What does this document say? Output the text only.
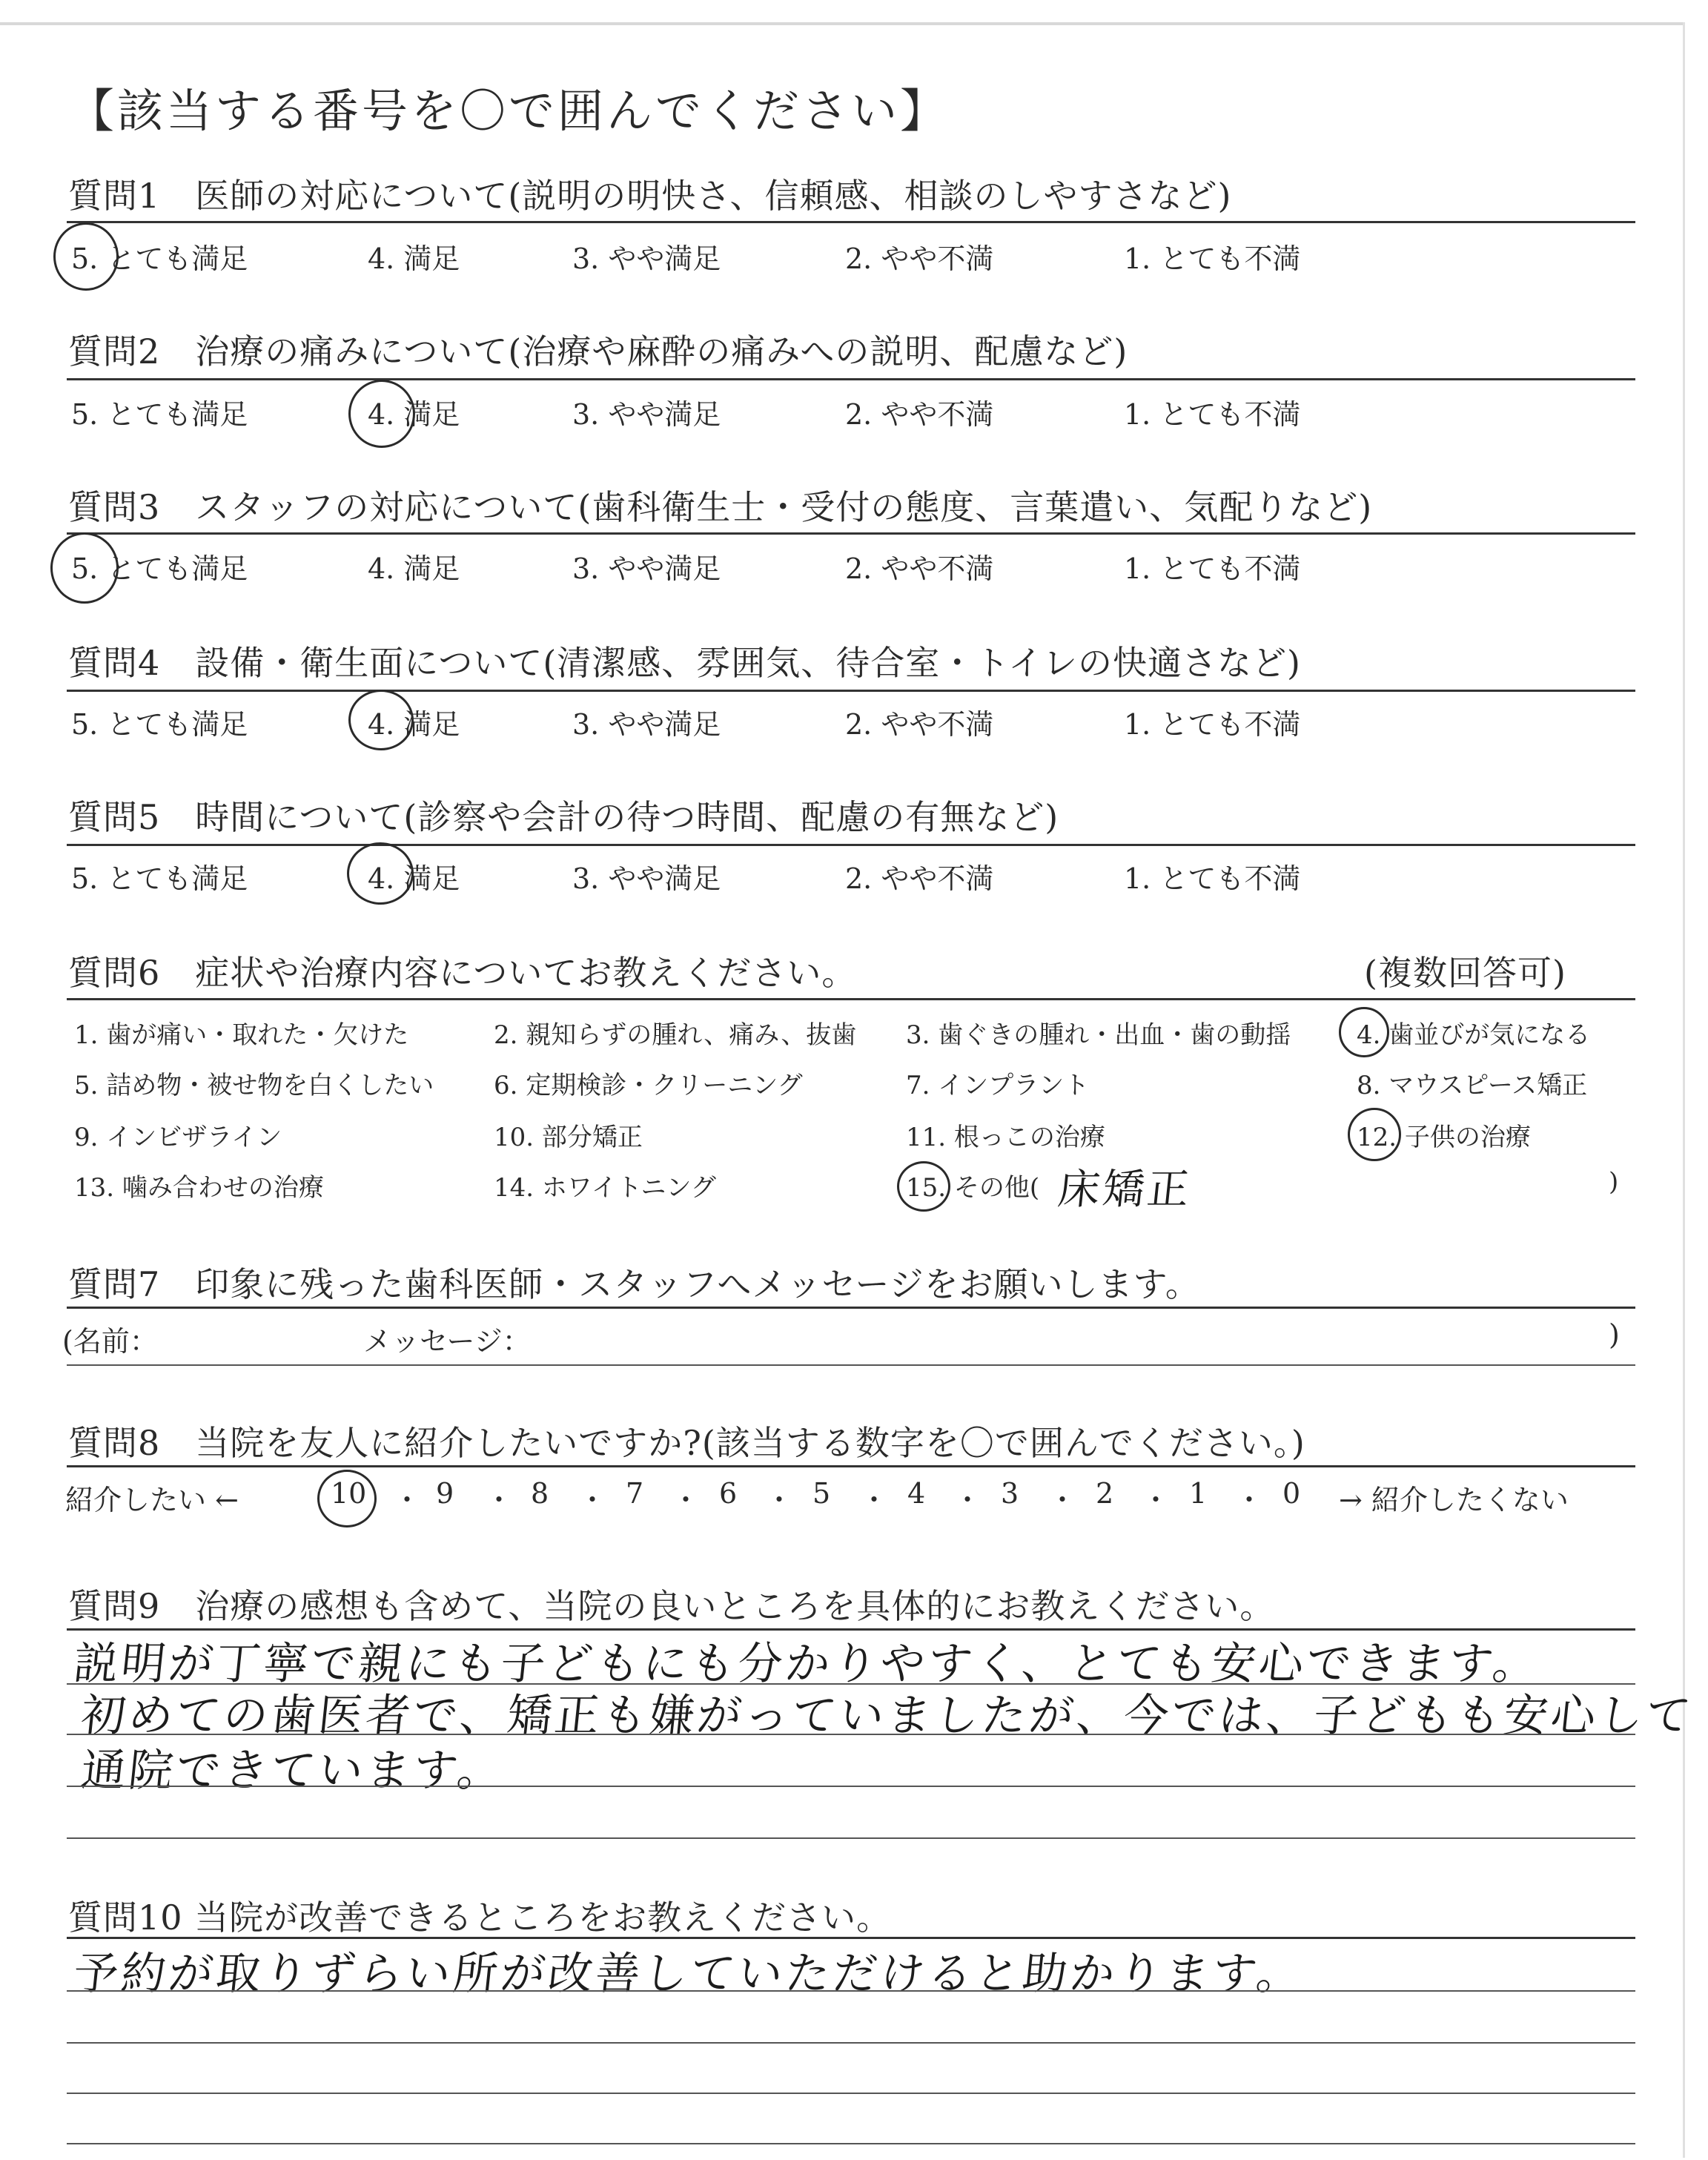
【該当する番号を〇で囲んでください】
質問1　医師の対応について(説明の明快さ、信頼感、相談のしやすさなど)
5. とても満足	4. 満足	3. やや満足	2. やや不満	1. とても不満
質問2　治療の痛みについて(治療や麻酔の痛みへの説明、配慮など)
5. とても満足	4. 満足	3. やや満足	2. やや不満	1. とても不満
質問3　スタッフの対応について(歯科衛生士・受付の態度、言葉遣い、気配りなど)
5. とても満足	4. 満足	3. やや満足	2. やや不満	1. とても不満
質問4　設備・衛生面について(清潔感、雰囲気、待合室・トイレの快適さなど)
5. とても満足	4. 満足	3. やや満足	2. やや不満	1. とても不満
質問5　時間について(診察や会計の待つ時間、配慮の有無など)
5. とても満足	4. 満足	3. やや満足	2. やや不満	1. とても不満
質問6　症状や治療内容についてお教えください。	(複数回答可)
1. 歯が痛い・取れた・欠けた	2. 親知らずの腫れ、痛み、抜歯 3. 歯ぐきの腫れ・出血・歯の動揺	4. 歯並びが気になる
5. 詰め物・被せ物を白くしたい 6. 定期検診・クリーニング	7. インプラント	8. マウスピース矯正
9. インビザライン	10. 部分矯正	11. 根っこの治療	12. 子供の治療
13. 噛み合わせの治療	14. ホワイトニング	15. その他( 床矯正	)
質問7　印象に残った歯科医師・スタッフへメッセージをお願いします。
(名前：	メッセージ：	)
質問8　当院を友人に紹介したいですか?(該当する数字を〇で囲んでください。)
紹介したい ←	→ 紹介したくない
10 ・ 9 ・ 8 ・ 7 ・ 6 ・ 5 ・ 4 ・ 3 ・ 2 ・ 1 ・ 0
質問9　治療の感想も含めて、当院の良いところを具体的にお教えください。
説明が丁寧で親にも子どもにも分かりやすく、とても安心できます。
初めての歯医者で、矯正も嫌がっていましたが、今では、子どもも安心して
通院できています。
質問10 当院が改善できるところをお教えください。
予約が取りずらい所が改善していただけると助かります。
